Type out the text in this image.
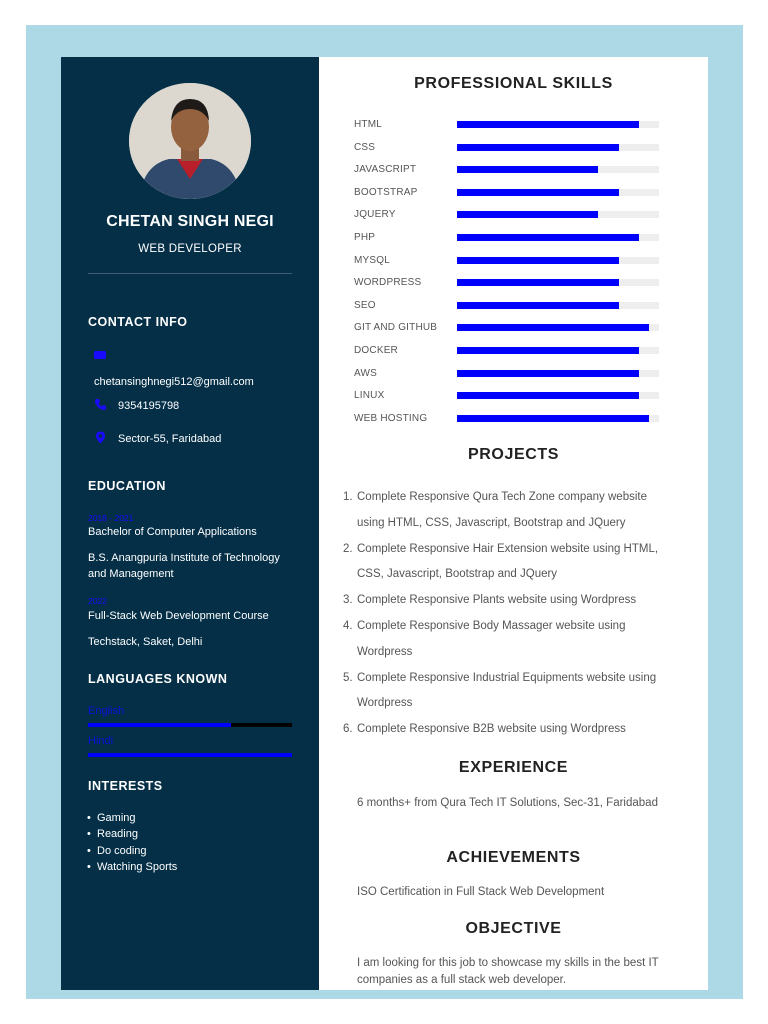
CHETAN SINGH NEGI
WEB DEVELOPER
CONTACT INFO
chetansinghnegi512@gmail.com
9354195798
Sector-55, Faridabad
EDUCATION
2018 - 2021
Bachelor of Computer Applications
B.S. Anangpuria Institute of Technology and Management
2022
Full-Stack Web Development Course
Techstack, Saket, Delhi
LANGUAGES KNOWN
English
Hindi
INTERESTS
• Gaming
• Reading
• Do coding
• Watching Sports
PROFESSIONAL SKILLS
HTML
CSS
JAVASCRIPT
BOOTSTRAP
JQUERY
PHP
MYSQL
WORDPRESS
SEO
GIT AND GITHUB
DOCKER
AWS
LINUX
WEB HOSTING
PROJECTS
1. Complete Responsive Qura Tech Zone company website
using HTML, CSS, Javascript, Bootstrap and JQuery
2. Complete Responsive Hair Extension website using HTML,
CSS, Javascript, Bootstrap and JQuery
3. Complete Responsive Plants website using Wordpress
4. Complete Responsive Body Massager website using
Wordpress
5. Complete Responsive Industrial Equipments website using
Wordpress
6. Complete Responsive B2B website using Wordpress
EXPERIENCE
6 months+ from Qura Tech IT Solutions, Sec-31, Faridabad
ACHIEVEMENTS
ISO Certification in Full Stack Web Development
OBJECTIVE
I am looking for this job to showcase my skills in the best IT companies as a full stack web developer.
